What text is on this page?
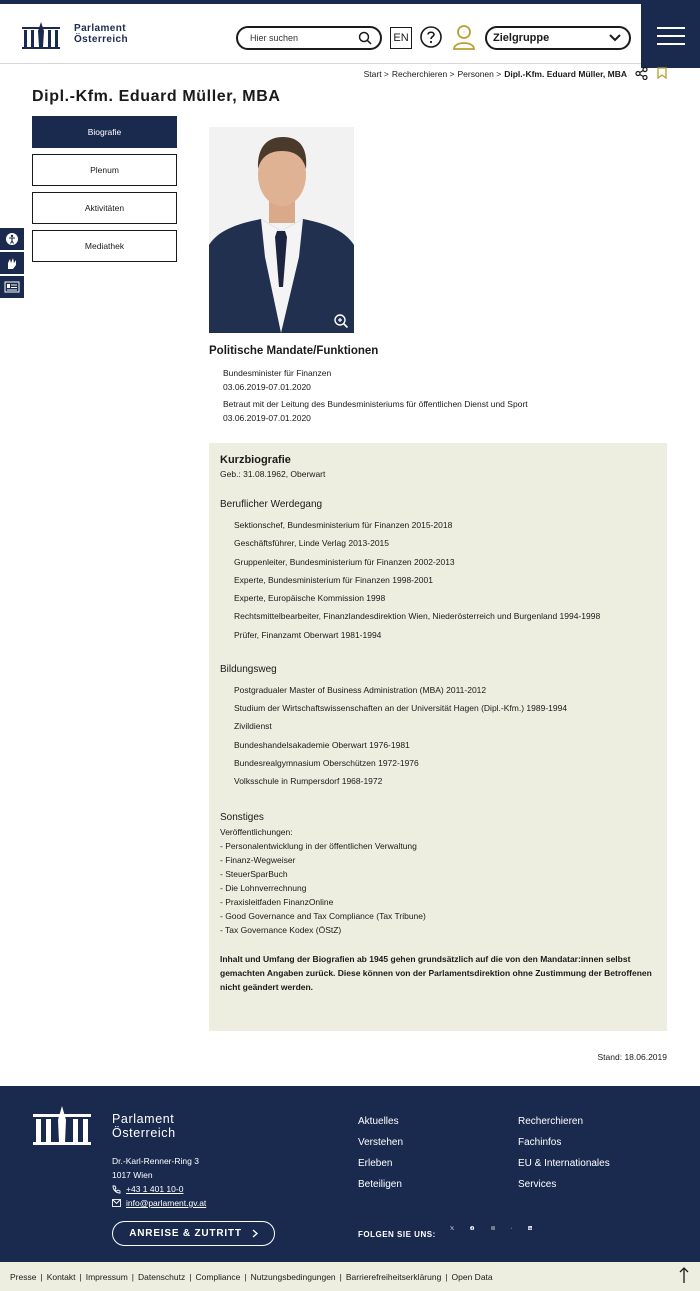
Parlament
Österreich
Hier suchen	EN	Zielgruppe
Start > Recherchieren > Personen > Dipl.-Kfm. Eduard Müller, MBA
Dipl.-Kfm. Eduard Müller, MBA
Biografie
Plenum
Aktivitäten
Mediathek
Politische Mandate/Funktionen
Bundesminister für Finanzen
03.06.2019-07.01.2020
Betraut mit der Leitung des Bundesministeriums für öffentlichen Dienst und Sport
03.06.2019-07.01.2020
Kurzbiografie
Geb.: 31.08.1962, Oberwart
Beruflicher Werdegang
Sektionschef, Bundesministerium für Finanzen 2015-2018
Geschäftsführer, Linde Verlag 2013-2015
Gruppenleiter, Bundesministerium für Finanzen 2002-2013
Experte, Bundesministerium für Finanzen 1998-2001
Experte, Europäische Kommission 1998
Rechtsmittelbearbeiter, Finanzlandesdirektion Wien, Niederösterreich und Burgenland 1994-1998
Prüfer, Finanzamt Oberwart 1981-1994
Bildungsweg
Postgradualer Master of Business Administration (MBA) 2011-2012
Studium der Wirtschaftswissenschaften an der Universität Hagen (Dipl.-Kfm.) 1989-1994
Zivildienst
Bundeshandelsakademie Oberwart 1976-1981
Bundesrealgymnasium Oberschützen 1972-1976
Volksschule in Rumpersdorf 1968-1972
Sonstiges
Veröffentlichungen:
- Personalentwicklung in der öffentlichen Verwaltung
- Finanz-Wegweiser
- SteuerSparBuch
- Die Lohnverrechnung
- Praxisleitfaden FinanzOnline
- Good Governance and Tax Compliance (Tax Tribune)
- Tax Governance Kodex (ÖStZ)

Inhalt und Umfang der Biografien ab 1945 gehen grundsätzlich auf die von den Mandatar:innen selbst gemachten Angaben zurück. Diese können von der Parlamentsdirektion ohne Zustimmung der Betroffenen nicht geändert werden.

Stand: 18.06.2019
Parlament
Österreich
Dr.-Karl-Renner-Ring 3
1017 Wien
+43 1 401 10-0
info@parlament.gv.at
ANREISE & ZUTRITT
Aktuelles
Verstehen
Erleben
Beteiligen
Recherchieren
Fachinfos
EU & Internationales
Services
FOLGEN SIE UNS:
Presse | Kontakt | Impressum | Datenschutz | Compliance | Nutzungsbedingungen | Barrierefreiheitserklärung | Open Data
